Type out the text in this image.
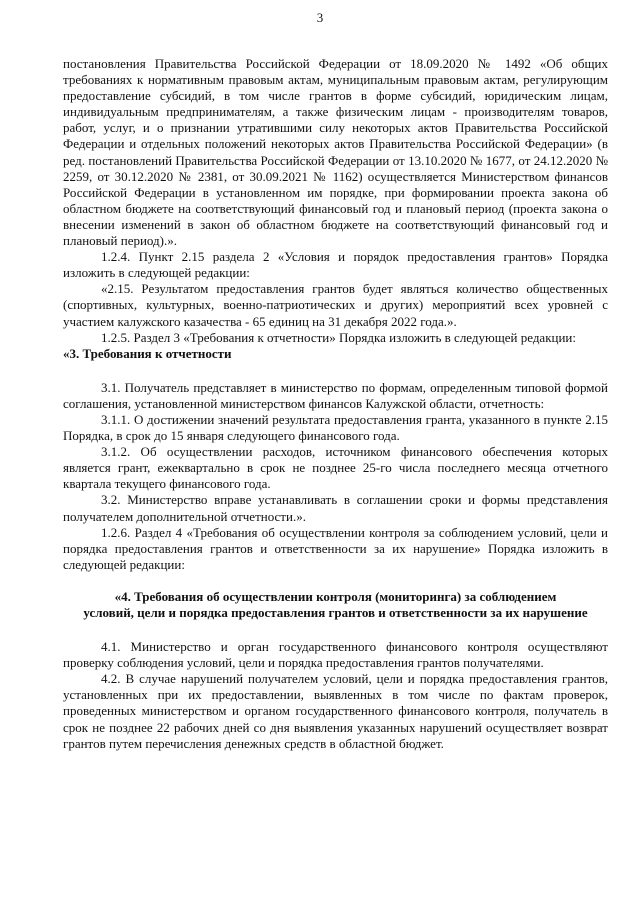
3

постановления Правительства Российской Федерации от 18.09.2020 № 1492 «Об общих требованиях к нормативным правовым актам, муниципальным правовым актам, регулирующим предоставление субсидий, в том числе грантов в форме субсидий, юридическим лицам, индивидуальным предпринимателям, а также физическим лицам - производителям товаров, работ, услуг, и о признании утратившими силу некоторых актов Правительства Российской Федерации и отдельных положений некоторых актов Правительства Российской Федерации» (в ред. постановлений Правительства Российской Федерации от 13.10.2020 № 1677, от 24.12.2020 № 2259, от 30.12.2020 № 2381, от 30.09.2021 № 1162) осуществляется Министерством финансов Российской Федерации в установленном им порядке, при формировании проекта закона об областном бюджете на соответствующий финансовый год и плановый период (проекта закона о внесении изменений в закон об областном бюджете на соответствующий финансовый год и плановый период).».

1.2.4. Пункт 2.15 раздела 2 «Условия и порядок предоставления грантов» Порядка изложить в следующей редакции:

«2.15. Результатом предоставления грантов будет являться количество общественных (спортивных, культурных, военно-патриотических и других) мероприятий всех уровней с участием калужского казачества - 65 единиц на 31 декабря 2022 года.».

1.2.5. Раздел 3 «Требования к отчетности» Порядка изложить в следующей редакции:

«3. Требования к отчетности

3.1. Получатель представляет в министерство по формам, определенным типовой формой соглашения, установленной министерством финансов Калужской области, отчетность:

3.1.1. О достижении значений результата предоставления гранта, указанного в пункте 2.15 Порядка, в срок до 15 января следующего финансового года.

3.1.2. Об осуществлении расходов, источником финансового обеспечения которых является грант, ежеквартально в срок не позднее 25-го числа последнего месяца отчетного квартала текущего финансового года.

3.2. Министерство вправе устанавливать в соглашении сроки и формы представления получателем дополнительной отчетности.».

1.2.6. Раздел 4 «Требования об осуществлении контроля за соблюдением условий, цели и порядка предоставления грантов и ответственности за их нарушение» Порядка изложить в следующей редакции:

«4. Требования об осуществлении контроля (мониторинга) за соблюдением
условий, цели и порядка предоставления грантов и ответственности за их нарушение

4.1. Министерство и орган государственного финансового контроля осуществляют проверку соблюдения условий, цели и порядка предоставления грантов получателями.

4.2. В случае нарушений получателем условий, цели и порядка предоставления грантов, установленных при их предоставлении, выявленных в том числе по фактам проверок, проведенных министерством и органом государственного финансового контроля, получатель в срок не позднее 22 рабочих дней со дня выявления указанных нарушений осуществляет возврат грантов путем перечисления денежных средств в областной бюджет.
